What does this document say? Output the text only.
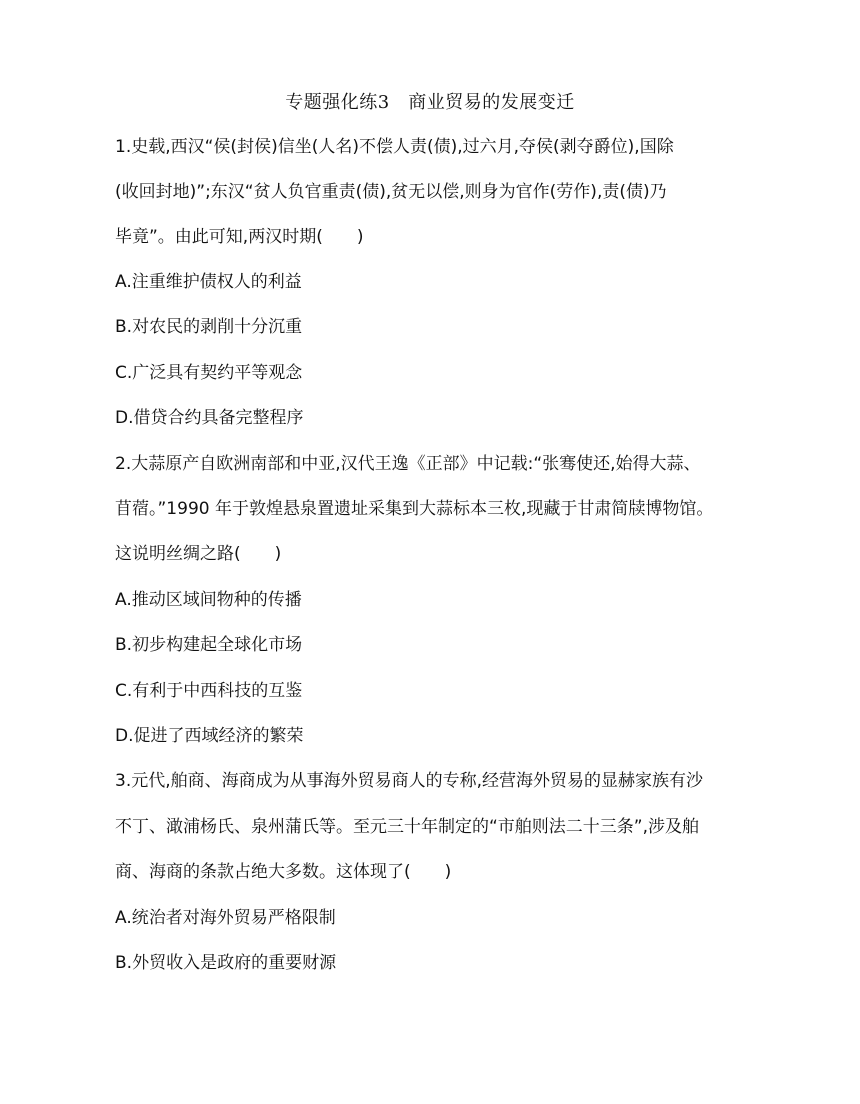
专题强化练3　商业贸易的发展变迁
1.史载,西汉“侯(封侯)信坐(人名)不偿人责(债),过六月,夺侯(剥夺爵位),国除
(收回封地)”;东汉“贫人负官重责(债),贫无以偿,则身为官作(劳作),责(债)乃
毕竟”。由此可知,两汉时期(　　)
A.注重维护债权人的利益
B.对农民的剥削十分沉重
C.广泛具有契约平等观念
D.借贷合约具备完整程序
2.大蒜原产自欧洲南部和中亚,汉代王逸《正部》中记载:“张骞使还,始得大蒜、
苜蓿。”1990 年于敦煌悬泉置遗址采集到大蒜标本三枚,现藏于甘肃简牍博物馆。
这说明丝绸之路(　　)
A.推动区域间物种的传播
B.初步构建起全球化市场
C.有利于中西科技的互鉴
D.促进了西域经济的繁荣
3.元代,舶商、海商成为从事海外贸易商人的专称,经营海外贸易的显赫家族有沙
不丁、澉浦杨氏、泉州蒲氏等。至元三十年制定的“市舶则法二十三条”,涉及舶
商、海商的条款占绝大多数。这体现了(　　)
A.统治者对海外贸易严格限制
B.外贸收入是政府的重要财源
